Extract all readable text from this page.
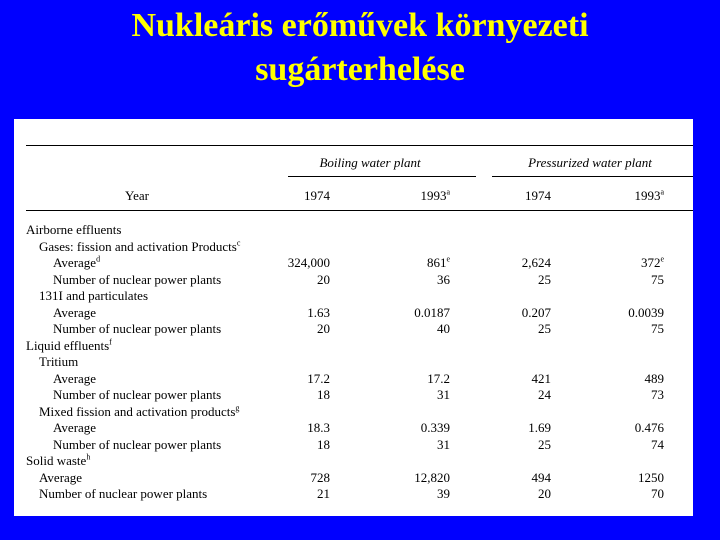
Nukleáris erőművek környezeti
sugárterhelése
Boiling water plant	Pressurized water plant
Year	1974	1993$^a$	1974	1993$^a$
Airborne effluents
Gases: fission and activation Products$^c$
Average$^d$	324,000	861e	2,624	372e
Number of nuclear power plants	20	36	25	75
131I and particulates
Average	1.63	0.0187	0.207	0.0039
Number of nuclear power plants	20	40	25	75
Liquid effluents$^f$
Tritium
Average	17.2	17.2	421	489
Number of nuclear power plants	18	31	24	73
Mixed fission and activation products$^g$
Average	18.3	0.339	1.69	0.476
Number of nuclear power plants	18	31	25	74
Solid waste$^h$
Average	728	12,820	494	1250
Number of nuclear power plants	21	39	20	70
